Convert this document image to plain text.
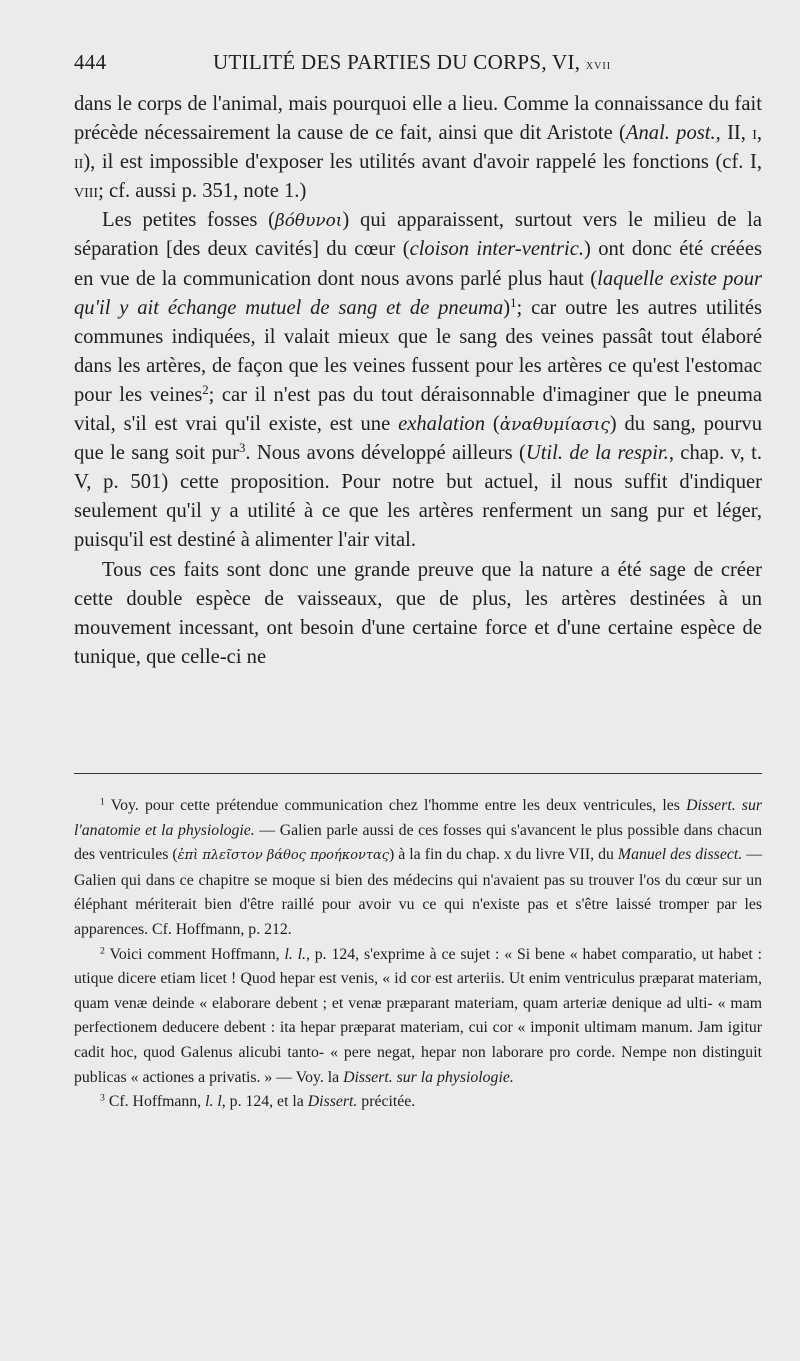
444	UTILITÉ DES PARTIES DU CORPS, VI, xvii

dans le corps de l'animal, mais pourquoi elle a lieu. Comme la connaissance du fait précède nécessairement la cause de ce fait, ainsi que dit Aristote (Anal. post., II, i, ii), il est impossible d'exposer les utilités avant d'avoir rappelé les fonctions (cf. I, viii; cf. aussi p. 351, note 1.)

Les petites fosses (βόθυνοι) qui apparaissent, surtout vers le milieu de la séparation [des deux cavités] du cœur (cloison inter-ventric.) ont donc été créées en vue de la communication dont nous avons parlé plus haut (laquelle existe pour qu'il y ait échange mutuel de sang et de pneuma)$^1$; car outre les autres utilités communes indiquées, il valait mieux que le sang des veines passât tout élaboré dans les artères, de façon que les veines fussent pour les artères ce qu'est l'estomac pour les veines$^2$; car il n'est pas du tout déraisonnable d'imaginer que le pneuma vital, s'il est vrai qu'il existe, est une exhalation (ἀναθυμίασις) du sang, pourvu que le sang soit pur$^3$. Nous avons développé ailleurs (Util. de la respir., chap. v, t. V, p. 501) cette proposition. Pour notre but actuel, il nous suffit d'indiquer seulement qu'il y a utilité à ce que les artères renferment un sang pur et léger, puisqu'il est destiné à alimenter l'air vital.

Tous ces faits sont donc une grande preuve que la nature a été sage de créer cette double espèce de vaisseaux, que de plus, les artères destinées à un mouvement incessant, ont besoin d'une certaine force et d'une certaine espèce de tunique, que celle-ci ne

$^1$ Voy. pour cette prétendue communication chez l'homme entre les deux ventricules, les Dissert. sur l'anatomie et la physiologie. — Galien parle aussi de ces fosses qui s'avancent le plus possible dans chacun des ventricules (ἐπὶ πλεῖστον βάθος προήκοντας) à la fin du chap. x du livre VII, du Manuel des dissect. — Galien qui dans ce chapitre se moque si bien des médecins qui n'avaient pas su trouver l'os du cœur sur un éléphant mériterait bien d'être raillé pour avoir vu ce qui n'existe pas et s'être laissé tromper par les apparences. Cf. Hoffmann, p. 212.

$^2$ Voici comment Hoffmann, l. l., p. 124, s'exprime à ce sujet : « Si bene « habet comparatio, ut habet : utique dicere etiam licet ! Quod hepar est venis, « id cor est arteriis. Ut enim ventriculus præparat materiam, quam venæ deinde « elaborare debent ; et venæ præparant materiam, quam arteriæ denique ad ulti- « mam perfectionem deducere debent : ita hepar præparat materiam, cui cor « imponit ultimam manum. Jam igitur cadit hoc, quod Galenus alicubi tanto- « pere negat, hepar non laborare pro corde. Nempe non distinguit publicas « actiones a privatis. » — Voy. la Dissert. sur la physiologie.

$^3$ Cf. Hoffmann, l. l, p. 124, et la Dissert. précitée.
